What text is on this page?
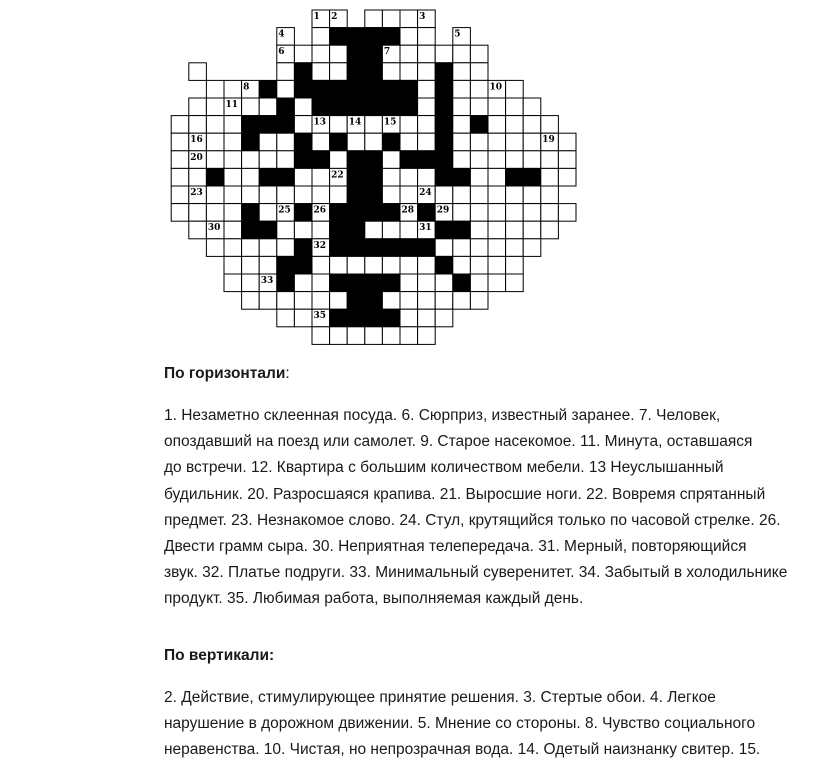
1 2	3
4	5
6	7
8	9	10
11	12
13	14	15
16	17	18	19
20	21
22
23	24
25	26 27	28	29
30	31
32
33	34
35
По горизонтали:
1. Незаметно склеенная посуда. 6. Сюрприз, известный заранее. 7. Человек,
опоздавший на поезд или самолет. 9. Старое насекомое. 11. Минута, оставшаяся
до встречи. 12. Квартира с большим количеством мебели. 13 Неуслышанный
будильник. 20. Разросшаяся крапива. 21. Выросшие ноги. 22. Вовремя спрятанный
предмет. 23. Незнакомое слово. 24. Стул, крутящийся только по часовой стрелке. 26.
Двести грамм сыра. 30. Неприятная телепередача. 31. Мерный, повторяющийся
звук. 32. Платье подруги. 33. Минимальный суверенитет. 34. Забытый в холодильнике
продукт. 35. Любимая работа, выполняемая каждый день.
По вертикали:
2. Действие, стимулирующее принятие решения. 3. Стертые обои. 4. Легкое
нарушение в дорожном движении. 5. Мнение со стороны. 8. Чувство социального
неравенства. 10. Чистая, но непрозрачная вода. 14. Одетый наизнанку свитер. 15.
